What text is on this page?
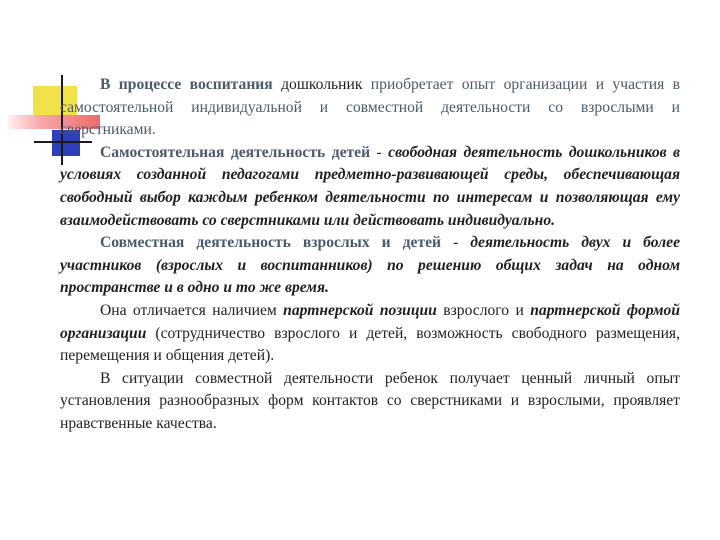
В процессе воспитания дошкольник приобретает опыт организации и участия в самостоятельной индивидуальной и совместной деятельности со взрослыми и сверстниками.

Самостоятельная деятельность детей - свободная деятельность дошкольников в условиях созданной педагогами предметно-развивающей среды, обеспечивающая свободный выбор каждым ребенком деятельности по интересам и позволяющая ему взаимодействовать со сверстниками или действовать индивидуально.

Совместная деятельность взрослых и детей - деятельность двух и более участников (взрослых и воспитанников) по решению общих задач на одном пространстве и в одно и то же время.

Она отличается наличием партнерской позиции взрослого и партнерской формой организации (сотрудничество взрослого и детей, возможность свободного размещения, перемещения и общения детей).

В ситуации совместной деятельности ребенок получает ценный личный опыт установления разнообразных форм контактов со сверстниками и взрослыми, проявляет нравственные качества.
